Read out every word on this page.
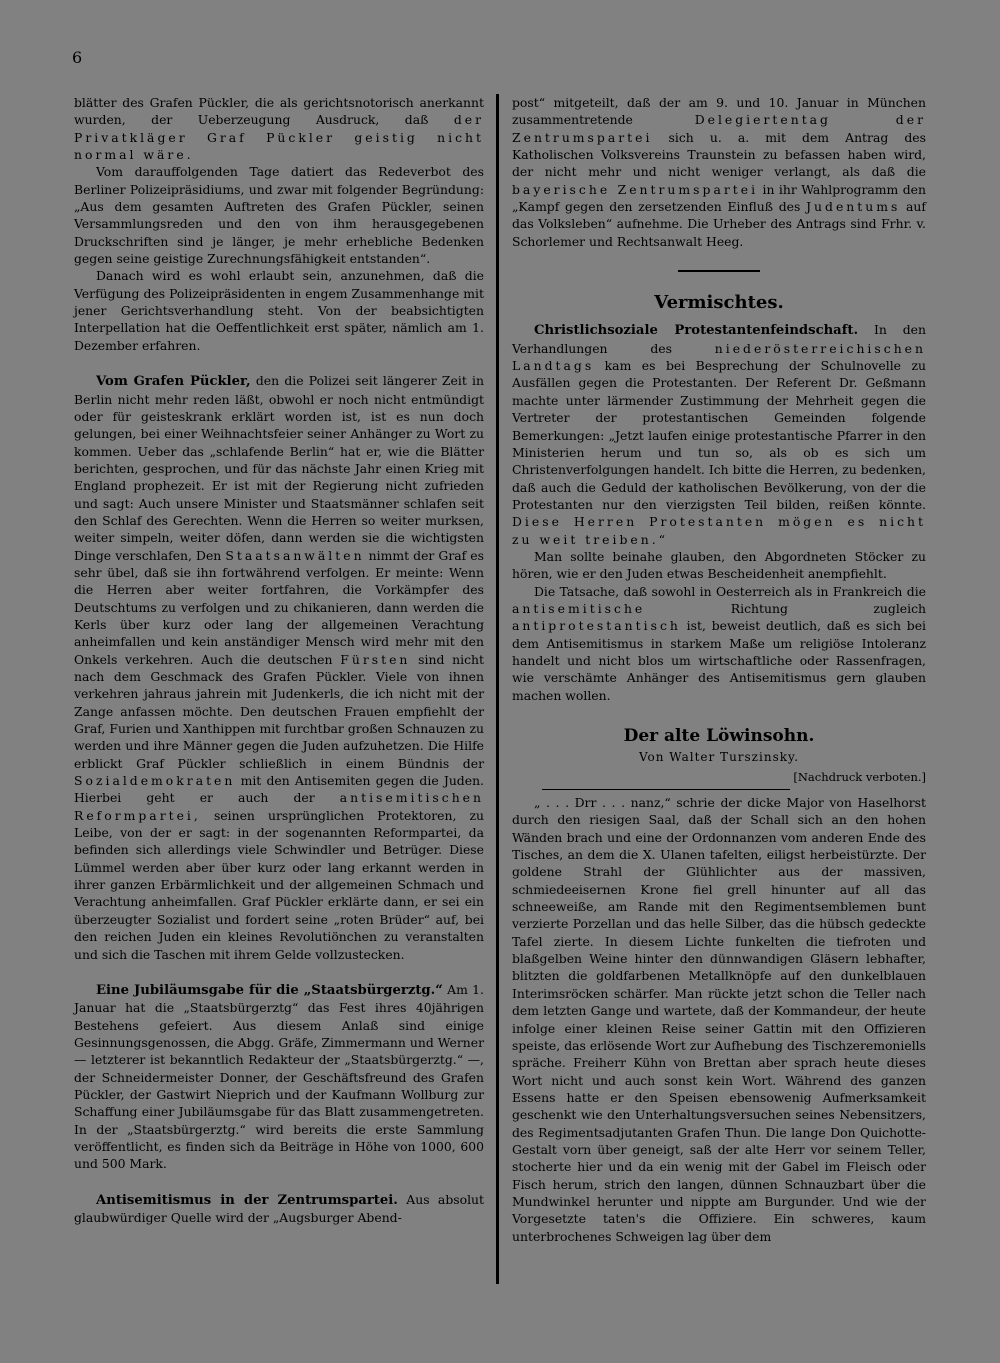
6

blätter des Grafen Pückler, die als gerichtsnotorisch anerkannt wurden, der Ueberzeugung Ausdruck, daß der Privatkläger Graf Pückler geistig nicht normal wäre.

Vom darauffolgenden Tage datiert das Redeverbot des Berliner Polizeipräsidiums, und zwar mit folgender Begründung: „Aus dem gesamten Auftreten des Grafen Pückler, seinen Versammlungsreden und den von ihm herausgegebenen Druckschriften sind je länger, je mehr erhebliche Bedenken gegen seine geistige Zurechnungsfähigkeit entstanden“.

Danach wird es wohl erlaubt sein, anzunehmen, daß die Verfügung des Polizeipräsidenten in engem Zusammenhange mit jener Gerichtsverhandlung steht. Von der beabsichtigten Interpellation hat die Oeffentlichkeit erst später, nämlich am 1. Dezember erfahren.

Vom Grafen Pückler, den die Polizei seit längerer Zeit in Berlin nicht mehr reden läßt, obwohl er noch nicht entmündigt oder für geisteskrank erklärt worden ist, ist es nun doch gelungen, bei einer Weihnachtsfeier seiner Anhänger zu Wort zu kommen. Ueber das „schlafende Berlin“ hat er, wie die Blätter berichten, gesprochen, und für das nächste Jahr einen Krieg mit England prophezeit. Er ist mit der Regierung nicht zufrieden und sagt: Auch unsere Minister und Staatsmänner schlafen seit den Schlaf des Gerechten. Wenn die Herren so weiter murksen, weiter simpeln, weiter döfen, dann werden sie die wichtigsten Dinge verschlafen, Den Staatsanwälten nimmt der Graf es sehr übel, daß sie ihn fortwährend verfolgen. Er meinte: Wenn die Herren aber weiter fortfahren, die Vorkämpfer des Deutschtums zu verfolgen und zu chikanieren, dann werden die Kerls über kurz oder lang der allgemeinen Verachtung anheimfallen und kein anständiger Mensch wird mehr mit den Onkels verkehren. Auch die deutschen Fürsten sind nicht nach dem Geschmack des Grafen Pückler. Viele von ihnen verkehren jahraus jahrein mit Judenkerls, die ich nicht mit der Zange anfassen möchte. Den deutschen Frauen empfiehlt der Graf, Furien und Xanthippen mit furchtbar großen Schnauzen zu werden und ihre Männer gegen die Juden aufzuhetzen. Die Hilfe erblickt Graf Pückler schließlich in einem Bündnis der Sozialdemokraten mit den Antisemiten gegen die Juden. Hierbei geht er auch der antisemitischen Reformpartei, seinen ursprünglichen Protektoren, zu Leibe, von der er sagt: in der sogenannten Reformpartei, da befinden sich allerdings viele Schwindler und Betrüger. Diese Lümmel werden aber über kurz oder lang erkannt werden in ihrer ganzen Erbärmlichkeit und der allgemeinen Schmach und Verachtung anheimfallen. Graf Pückler erklärte dann, er sei ein überzeugter Sozialist und fordert seine „roten Brüder“ auf, bei den reichen Juden ein kleines Revolutiönchen zu veranstalten und sich die Taschen mit ihrem Gelde vollzustecken.

Eine Jubiläumsgabe für die „Staatsbürgerztg.“ Am 1. Januar hat die „Staatsbürgerztg“ das Fest ihres 40jährigen Bestehens gefeiert. Aus diesem Anlaß sind einige Gesinnungsgenossen, die Abgg. Gräfe, Zimmermann und Werner — letzterer ist bekanntlich Redakteur der „Staatsbürgerztg.“ —, der Schneidermeister Donner, der Geschäftsfreund des Grafen Pückler, der Gastwirt Nieprich und der Kaufmann Wollburg zur Schaffung einer Jubiläumsgabe für das Blatt zusammengetreten. In der „Staatsbürgerztg.“ wird bereits die erste Sammlung veröffentlicht, es finden sich da Beiträge in Höhe von 1000, 600 und 500 Mark.

Antisemitismus in der Zentrumspartei. Aus absolut glaubwürdiger Quelle wird der „Augsburger Abend-

post“ mitgeteilt, daß der am 9. und 10. Januar in München zusammentretende Delegiertentag der Zentrumspartei sich u. a. mit dem Antrag des Katholischen Volksvereins Traunstein zu befassen haben wird, der nicht mehr und nicht weniger verlangt, als daß die bayerische Zentrumspartei in ihr Wahlprogramm den „Kampf gegen den zersetzenden Einfluß des Judentums auf das Volksleben“ aufnehme. Die Urheber des Antrags sind Frhr. v. Schorlemer und Rechtsanwalt Heeg.

Vermischtes.

Christlichsoziale Protestantenfeindschaft. In den Verhandlungen des niederösterreichischen Landtags kam es bei Besprechung der Schulnovelle zu Ausfällen gegen die Protestanten. Der Referent Dr. Geßmann machte unter lärmender Zustimmung der Mehrheit gegen die Vertreter der protestantischen Gemeinden folgende Bemerkungen: „Jetzt laufen einige protestantische Pfarrer in den Ministerien herum und tun so, als ob es sich um Christenverfolgungen handelt. Ich bitte die Herren, zu bedenken, daß auch die Geduld der katholischen Bevölkerung, von der die Protestanten nur den vierzigsten Teil bilden, reißen könnte. Diese Herren Protestanten mögen es nicht zu weit treiben.“

Man sollte beinahe glauben, den Abgordneten Stöcker zu hören, wie er den Juden etwas Bescheidenheit anempfiehlt.

Die Tatsache, daß sowohl in Oesterreich als in Frankreich die antisemitische Richtung zugleich antiprotestantisch ist, beweist deutlich, daß es sich bei dem Antisemitismus in starkem Maße um religiöse Intoleranz handelt und nicht blos um wirtschaftliche oder Rassenfragen, wie verschämte Anhänger des Antisemitismus gern glauben machen wollen.

Der alte Löwinsohn.
Von Walter Turszinsky.
[Nachdruck verboten.]

„ . . . Drr . . . nanz,“ schrie der dicke Major von Haselhorst durch den riesigen Saal, daß der Schall sich an den hohen Wänden brach und eine der Ordonnanzen vom anderen Ende des Tisches, an dem die X. Ulanen tafelten, eiligst herbeistürzte. Der goldene Strahl der Glühlichter aus der massiven, schmiedeeisernen Krone fiel grell hinunter auf all das schneeweiße, am Rande mit den Regimentsemblemen bunt verzierte Porzellan und das helle Silber, das die hübsch gedeckte Tafel zierte. In diesem Lichte funkelten die tiefroten und blaßgelben Weine hinter den dünnwandigen Gläsern lebhafter, blitzten die goldfarbenen Metallknöpfe auf den dunkelblauen Interimsröcken schärfer. Man rückte jetzt schon die Teller nach dem letzten Gange und wartete, daß der Kommandeur, der heute infolge einer kleinen Reise seiner Gattin mit den Offizieren speiste, das erlösende Wort zur Aufhebung des Tischzeremoniells spräche. Freiherr Kühn von Brettan aber sprach heute dieses Wort nicht und auch sonst kein Wort. Während des ganzen Essens hatte er den Speisen ebensowenig Aufmerksamkeit geschenkt wie den Unterhaltungsversuchen seines Nebensitzers, des Regimentsadjutanten Grafen Thun. Die lange Don Quichotte-Gestalt vorn über geneigt, saß der alte Herr vor seinem Teller, stocherte hier und da ein wenig mit der Gabel im Fleisch oder Fisch herum, strich den langen, dünnen Schnauzbart über die Mundwinkel herunter und nippte am Burgunder. Und wie der Vorgesetzte taten's die Offiziere. Ein schweres, kaum unterbrochenes Schweigen lag über dem
